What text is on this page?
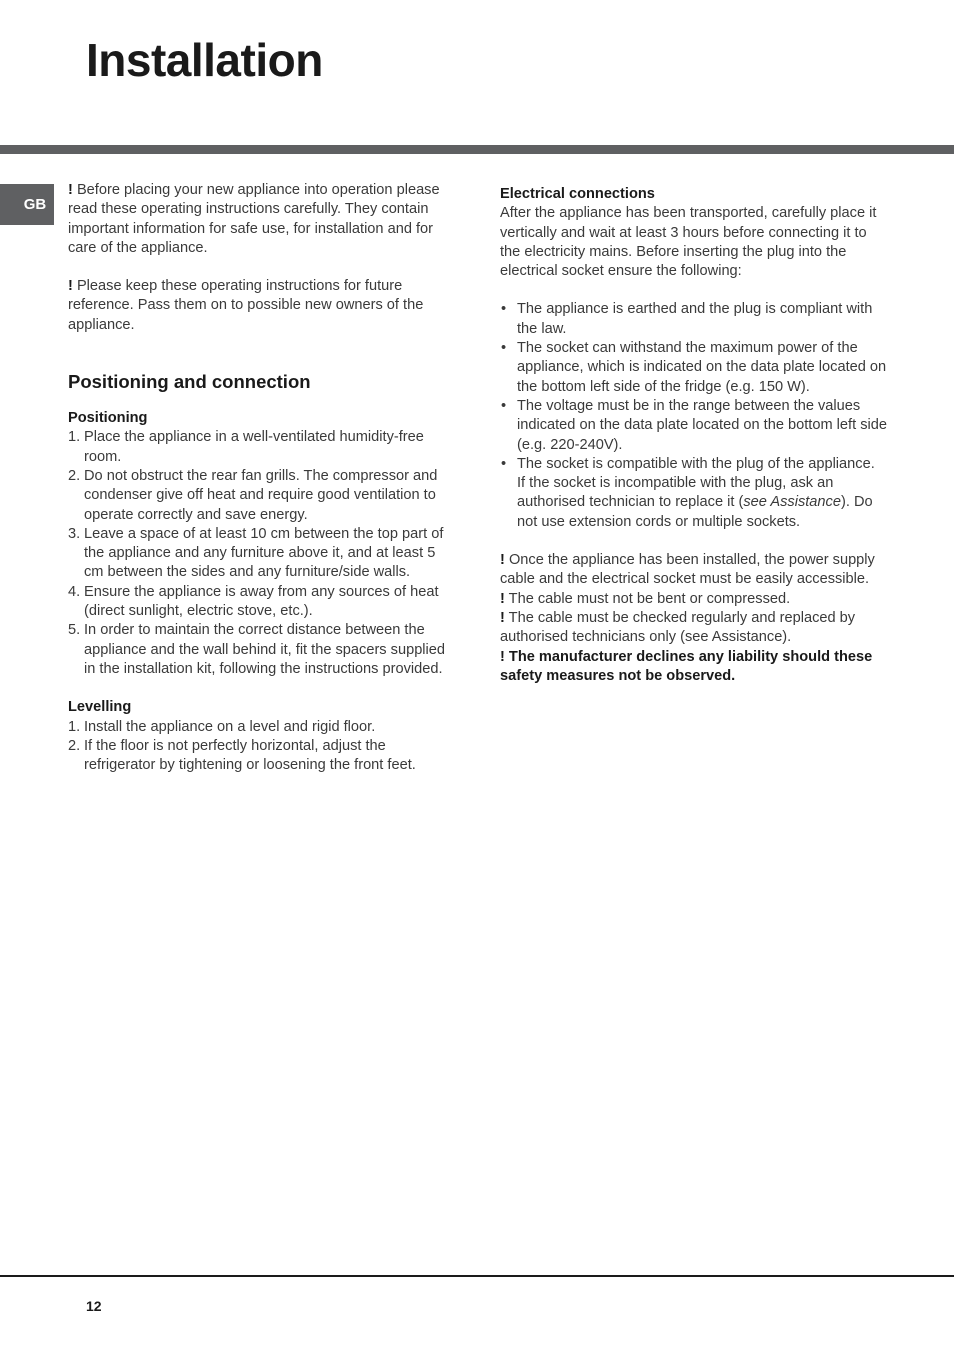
Installation
GB

! Before placing your new appliance into operation please read these operating instructions carefully. They contain important information for safe use, for installation and for care of the appliance.

! Please keep these operating instructions for future reference. Pass them on to possible new owners of the appliance.

Positioning and connection

Positioning

1. Place the appliance in a well-ventilated humidity-free room.
2. Do not obstruct the rear fan grills. The compressor and condenser give off heat and require good ventilation to operate correctly and save energy.
3. Leave a space of at least 10 cm between the top part of the appliance and any furniture above it, and at least 5 cm between the sides and any furniture/side walls.
4. Ensure the appliance is away from any sources of heat (direct sunlight, electric stove, etc.).
5. In order to maintain the correct distance between the appliance and the wall behind it, fit the spacers supplied in the installation kit, following the instructions provided.

Levelling

1. Install the appliance on a level and rigid floor.
2. If the floor is not perfectly horizontal, adjust the refrigerator by tightening or loosening the front feet.

Electrical connections

After the appliance has been transported, carefully place it vertically and wait at least 3 hours before connecting it to the electricity mains. Before inserting the plug into the electrical socket ensure the following:

• The appliance is earthed and the plug is compliant with the law.
• The socket can withstand the maximum power of the appliance, which is indicated on the data plate located on the bottom left side of the fridge (e.g. 150 W).
• The voltage must be in the range between the values indicated on the data plate located on the bottom left side (e.g. 220-240V).
• The socket is compatible with the plug of the appliance.
If the socket is incompatible with the plug, ask an authorised technician to replace it (see Assistance). Do not use extension cords or multiple sockets.

! Once the appliance has been installed, the power supply cable and the electrical socket must be easily accessible.

! The cable must not be bent or compressed.

! The cable must be checked regularly and replaced by authorised technicians only (see Assistance).

! The manufacturer declines any liability should these safety measures not be observed.

12
